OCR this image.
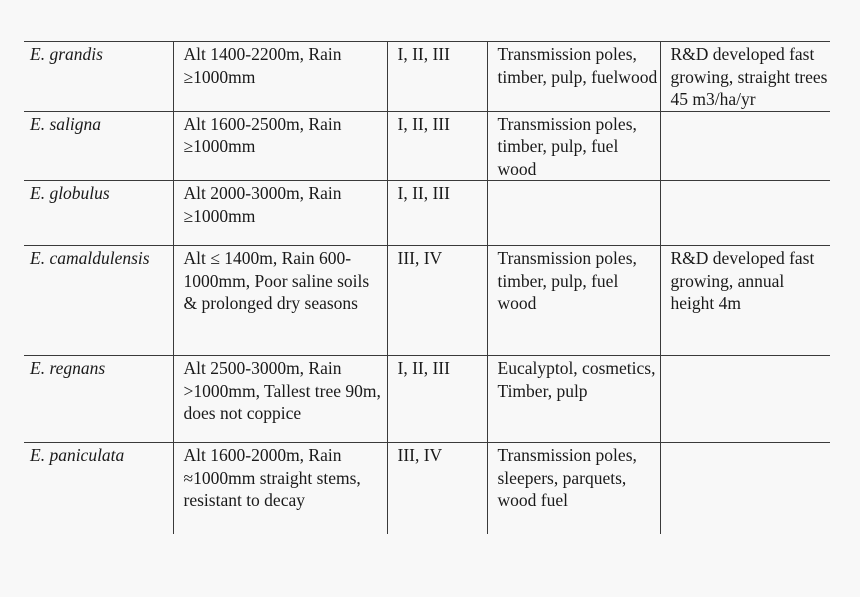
E. grandis	Alt 1400-2200m, Rain ≥1000mm	I, II, III	Transmission poles, timber, pulp, fuelwood	R&D developed fast growing, straight trees 45 m3/ha/yr
E. saligna	Alt 1600-2500m, Rain ≥1000mm	I, II, III	Transmission poles, timber, pulp, fuel wood	
E. globulus	Alt 2000-3000m, Rain ≥1000mm	I, II, III		
E. camaldulensis	Alt ≤ 1400m, Rain 600-1000mm, Poor saline soils & prolonged dry seasons	III, IV	Transmission poles, timber, pulp, fuel wood	R&D developed fast growing, annual height 4m
E. regnans	Alt 2500-3000m, Rain >1000mm, Tallest tree 90m, does not coppice	I, II, III	Eucalyptol, cosmetics, Timber, pulp	
E. paniculata	Alt 1600-2000m, Rain ≈1000mm straight stems, resistant to decay	III, IV	Transmission poles, sleepers, parquets, wood fuel	
